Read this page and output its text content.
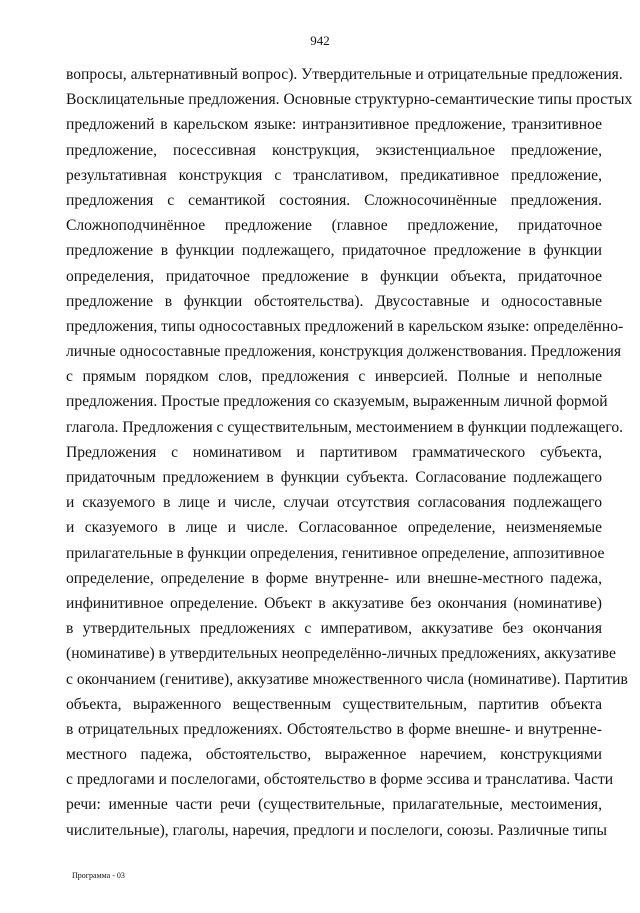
942
вопросы, альтернативный вопрос). Утвердительные и отрицательные предложения.
Восклицательные предложения. Основные структурно-семантические типы простых
предложений в карельском языке: интранзитивное предложение, транзитивное
предложение, посессивная конструкция, экзистенциальное предложение,
результативная конструкция с транслативом, предикативное предложение,
предложения с семантикой состояния. Сложносочинённые предложения.
Сложноподчинённое предложение (главное предложение, придаточное
предложение в функции подлежащего, придаточное предложение в функции
определения, придаточное предложение в функции объекта, придаточное
предложение в функции обстоятельства). Двусоставные и односоставные
предложения, типы односоставных предложений в карельском языке: определённо-
личные односоставные предложения, конструкция долженствования. Предложения
с прямым порядком слов, предложения с инверсией. Полные и неполные
предложения. Простые предложения со сказуемым, выраженным личной формой
глагола. Предложения с существительным, местоимением в функции подлежащего.
Предложения с номинативом и партитивом грамматического субъекта,
придаточным предложением в функции субъекта. Согласование подлежащего
и сказуемого в лице и числе, случаи отсутствия согласования подлежащего
и сказуемого в лице и числе. Согласованное определение, неизменяемые
прилагательные в функции определения, генитивное определение, аппозитивное
определение, определение в форме внутренне- или внешне-местного падежа,
инфинитивное определение. Объект в аккузативе без окончания (номинативе)
в утвердительных предложениях с императивом, аккузативе без окончания
(номинативе) в утвердительных неопределённо-личных предложениях, аккузативе
с окончанием (генитиве), аккузативе множественного числа (номинативе). Партитив
объекта, выраженного вещественным существительным, партитив объекта
в отрицательных предложениях. Обстоятельство в форме внешне- и внутренне-
местного падежа, обстоятельство, выраженное наречием, конструкциями
с предлогами и послелогами, обстоятельство в форме эссива и транслатива. Части
речи: именные части речи (существительные, прилагательные, местоимения,
числительные), глаголы, наречия, предлоги и послелоги, союзы. Различные типы
Программа - 03
